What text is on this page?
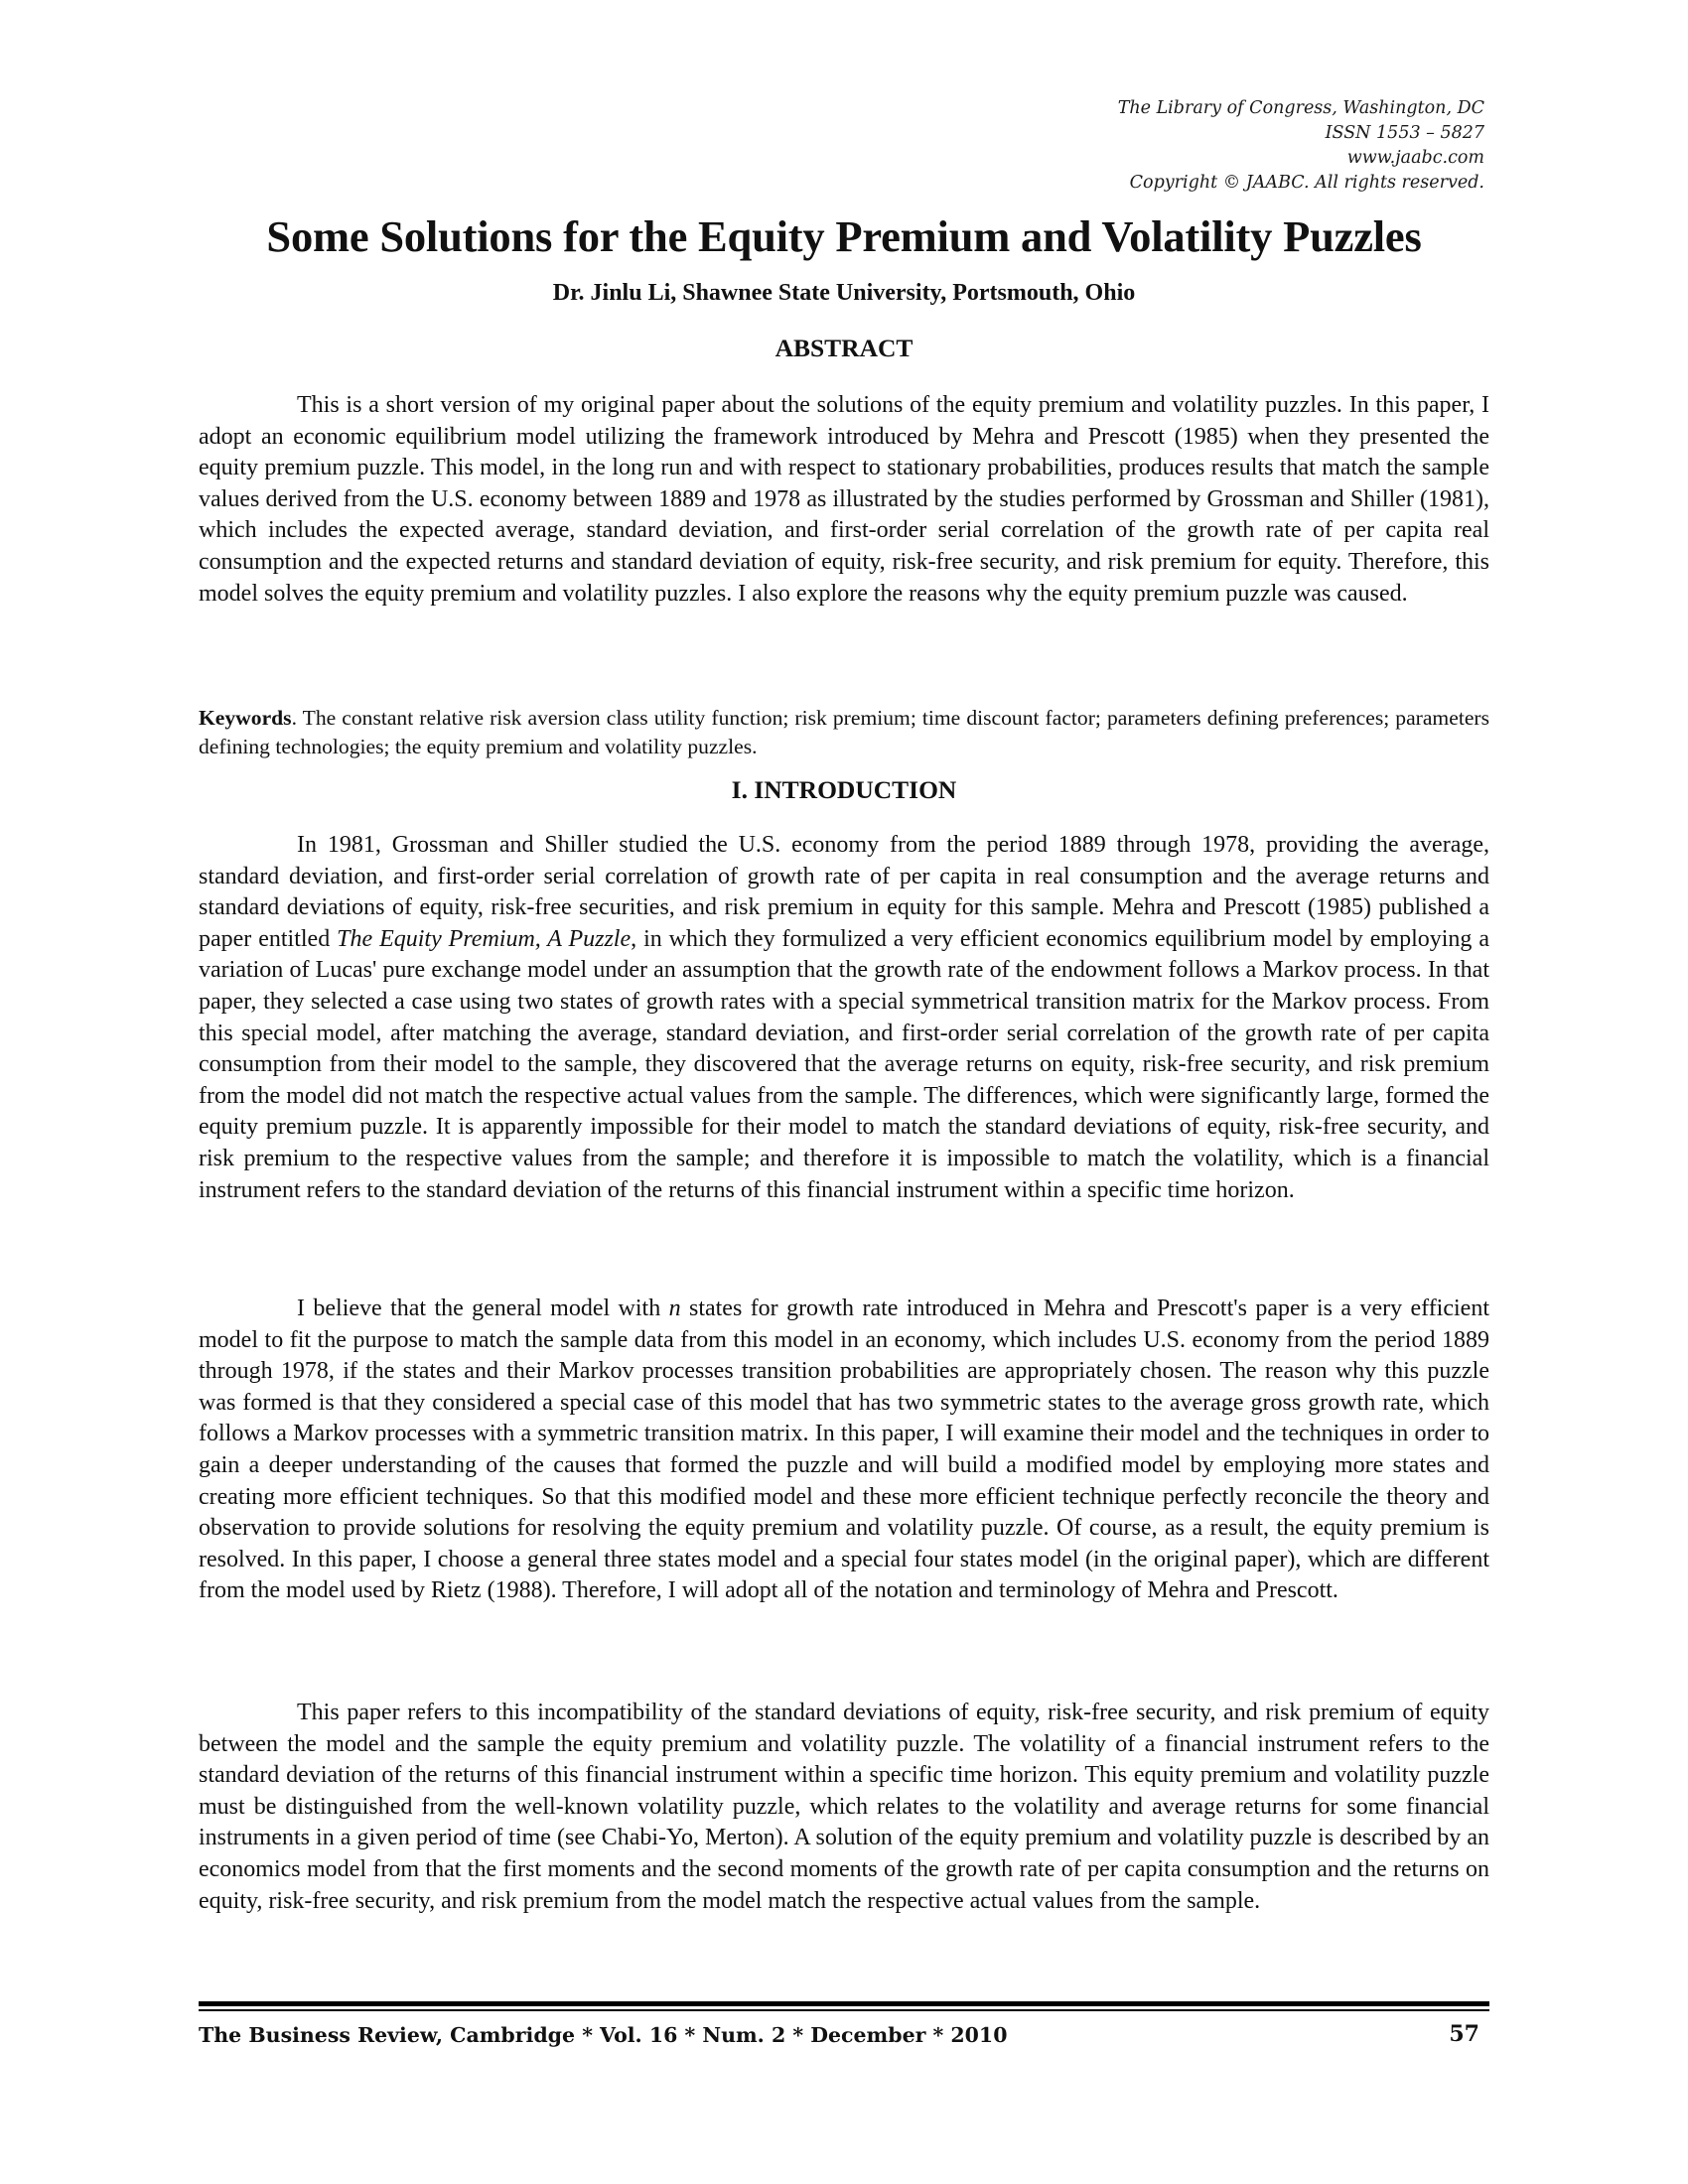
The Library of Congress, Washington, DC
ISSN 1553 – 5827
www.jaabc.com
Copyright © JAABC. All rights reserved.
Some Solutions for the Equity Premium and Volatility Puzzles
Dr. Jinlu Li, Shawnee State University, Portsmouth, Ohio
ABSTRACT

This is a short version of my original paper about the solutions of the equity premium and volatility puzzles. In this paper, I adopt an economic equilibrium model utilizing the framework introduced by Mehra and Prescott (1985) when they presented the equity premium puzzle. This model, in the long run and with respect to stationary probabilities, produces results that match the sample values derived from the U.S. economy between 1889 and 1978 as illustrated by the studies performed by Grossman and Shiller (1981), which includes the expected average, standard deviation, and first-order serial correlation of the growth rate of per capita real consumption and the expected returns and standard deviation of equity, risk-free security, and risk premium for equity. Therefore, this model solves the equity premium and volatility puzzles. I also explore the reasons why the equity premium puzzle was caused.

Keywords. The constant relative risk aversion class utility function; risk premium; time discount factor; parameters defining preferences; parameters defining technologies; the equity premium and volatility puzzles.

I. INTRODUCTION

In 1981, Grossman and Shiller studied the U.S. economy from the period 1889 through 1978, providing the average, standard deviation, and first-order serial correlation of growth rate of per capita in real consumption and the average returns and standard deviations of equity, risk-free securities, and risk premium in equity for this sample. Mehra and Prescott (1985) published a paper entitled The Equity Premium, A Puzzle, in which they formulized a very efficient economics equilibrium model by employing a variation of Lucas' pure exchange model under an assumption that the growth rate of the endowment follows a Markov process. In that paper, they selected a case using two states of growth rates with a special symmetrical transition matrix for the Markov process. From this special model, after matching the average, standard deviation, and first-order serial correlation of the growth rate of per capita consumption from their model to the sample, they discovered that the average returns on equity, risk-free security, and risk premium from the model did not match the respective actual values from the sample. The differences, which were significantly large, formed the equity premium puzzle. It is apparently impossible for their model to match the standard deviations of equity, risk-free security, and risk premium to the respective values from the sample; and therefore it is impossible to match the volatility, which is a financial instrument refers to the standard deviation of the returns of this financial instrument within a specific time horizon.

I believe that the general model with n states for growth rate introduced in Mehra and Prescott's paper is a very efficient model to fit the purpose to match the sample data from this model in an economy, which includes U.S. economy from the period 1889 through 1978, if the states and their Markov processes transition probabilities are appropriately chosen. The reason why this puzzle was formed is that they considered a special case of this model that has two symmetric states to the average gross growth rate, which follows a Markov processes with a symmetric transition matrix. In this paper, I will examine their model and the techniques in order to gain a deeper understanding of the causes that formed the puzzle and will build a modified model by employing more states and creating more efficient techniques. So that this modified model and these more efficient technique perfectly reconcile the theory and observation to provide solutions for resolving the equity premium and volatility puzzle. Of course, as a result, the equity premium is resolved. In this paper, I choose a general three states model and a special four states model (in the original paper), which are different from the model used by Rietz (1988). Therefore, I will adopt all of the notation and terminology of Mehra and Prescott.

This paper refers to this incompatibility of the standard deviations of equity, risk-free security, and risk premium of equity between the model and the sample the equity premium and volatility puzzle. The volatility of a financial instrument refers to the standard deviation of the returns of this financial instrument within a specific time horizon. This equity premium and volatility puzzle must be distinguished from the well-known volatility puzzle, which relates to the volatility and average returns for some financial instruments in a given period of time (see Chabi-Yo, Merton). A solution of the equity premium and volatility puzzle is described by an economics model from that the first moments and the second moments of the growth rate of per capita consumption and the returns on equity, risk-free security, and risk premium from the model match the respective actual values from the sample.

The Business Review, Cambridge * Vol. 16 * Num. 2 * December * 2010	57
